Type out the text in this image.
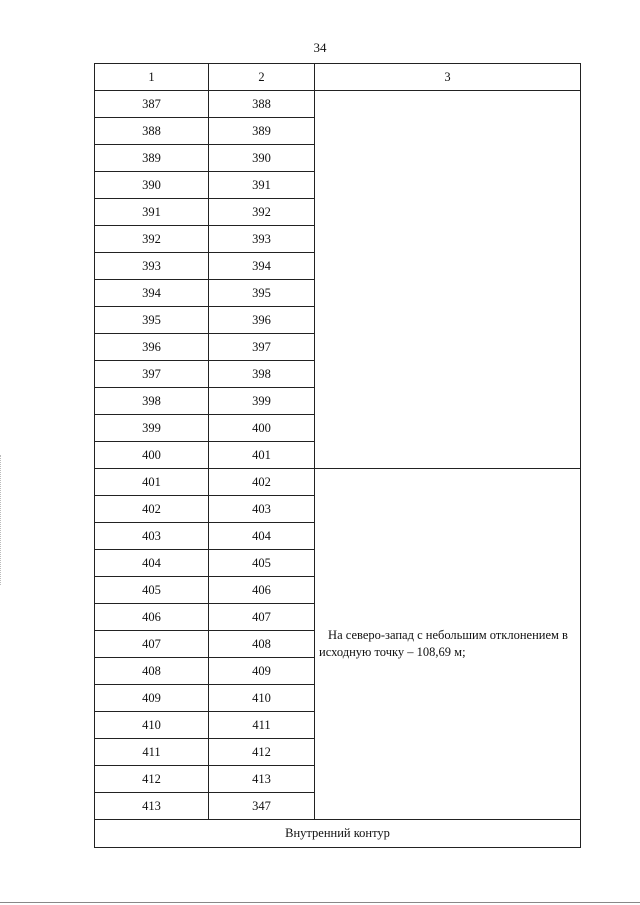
34
1	2	3
387	388	
388	389	
389	390	
390	391	
391	392	
392	393	
393	394	
394	395	
395	396	
396	397	
397	398	
398	399	
399	400	
400	401	
401	402	На северо-запад с небольшим отклонением в исходную точку – 108,69 м;
402	403	
403	404	
404	405	
405	406	
406	407	
407	408	
408	409	
409	410	
410	411	
411	412	
412	413	
413	347	
Внутренний контур		
